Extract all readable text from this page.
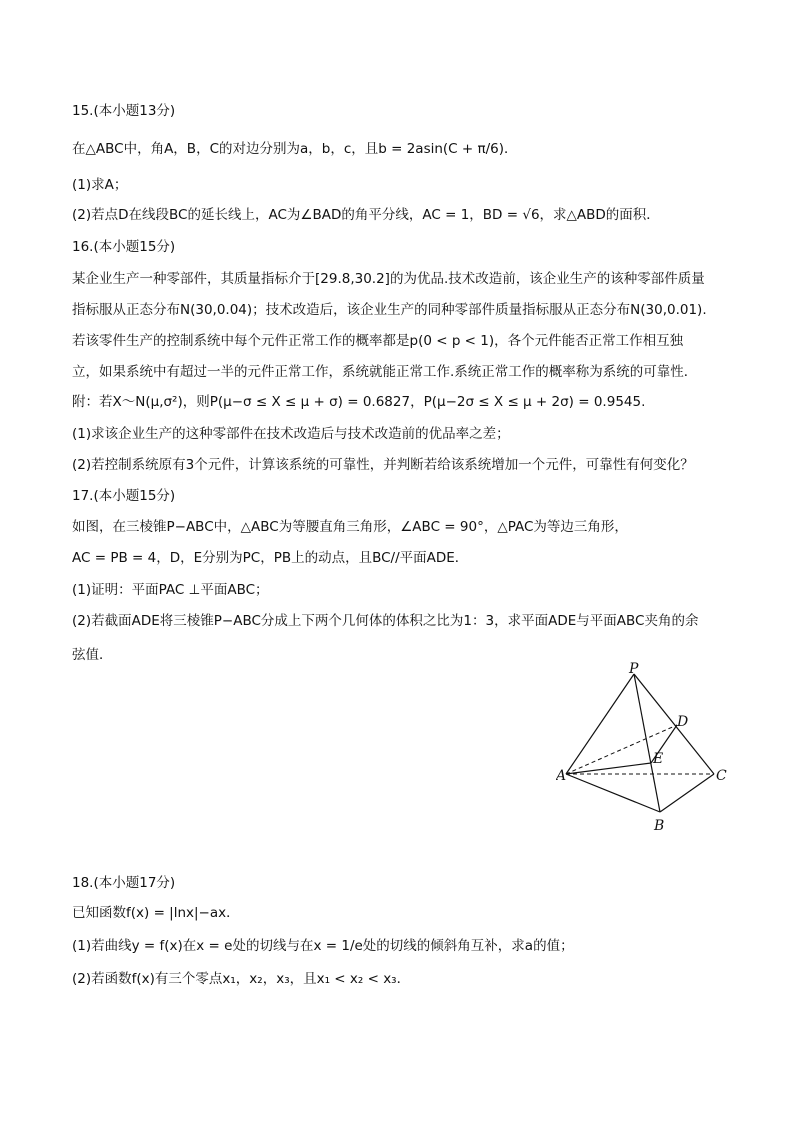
15.(本小题13分)
在△ABC中，角A，B，C的对边分别为a，b，c，且b = 2asin(C + π/6)．
(1)求A；
(2)若点D在线段BC的延长线上，AC为∠BAD的角平分线，AC = 1，BD = √6，求△ABD的面积．
16.(本小题15分)
某企业生产一种零部件，其质量指标介于[29.8,30.2]的为优品.技术改造前，该企业生产的该种零部件质量
指标服从正态分布N(30,0.04)；技术改造后，该企业生产的同种零部件质量指标服从正态分布N(30,0.01).
若该零件生产的控制系统中每个元件正常工作的概率都是p(0 < p < 1)，各个元件能否正常工作相互独
立，如果系统中有超过一半的元件正常工作，系统就能正常工作.系统正常工作的概率称为系统的可靠性．
附：若X～N(μ,σ²)，则P(μ−σ ≤ X ≤ μ + σ) = 0.6827，P(μ−2σ ≤ X ≤ μ + 2σ) = 0.9545.
(1)求该企业生产的这种零部件在技术改造后与技术改造前的优品率之差；
(2)若控制系统原有3个元件，计算该系统的可靠性，并判断若给该系统增加一个元件，可靠性有何变化？
17.(本小题15分)
如图，在三棱锥P−ABC中，△ABC为等腰直角三角形，∠ABC = 90°，△PAC为等边三角形，
AC = PB = 4，D，E分别为PC，PB上的动点，且BC//平面ADE．
(1)证明：平面PAC ⊥平面ABC；
(2)若截面ADE将三棱锥P−ABC分成上下两个几何体的体积之比为1：3，求平面ADE与平面ABC夹角的余
弦值．
P
D
E
A	C
B
18.(本小题17分)
已知函数f(x) = |lnx|−ax．
(1)若曲线y = f(x)在x = e处的切线与在x = 1/e处的切线的倾斜角互补，求a的值；
(2)若函数f(x)有三个零点x₁，x₂，x₃，且x₁ < x₂ < x₃．
